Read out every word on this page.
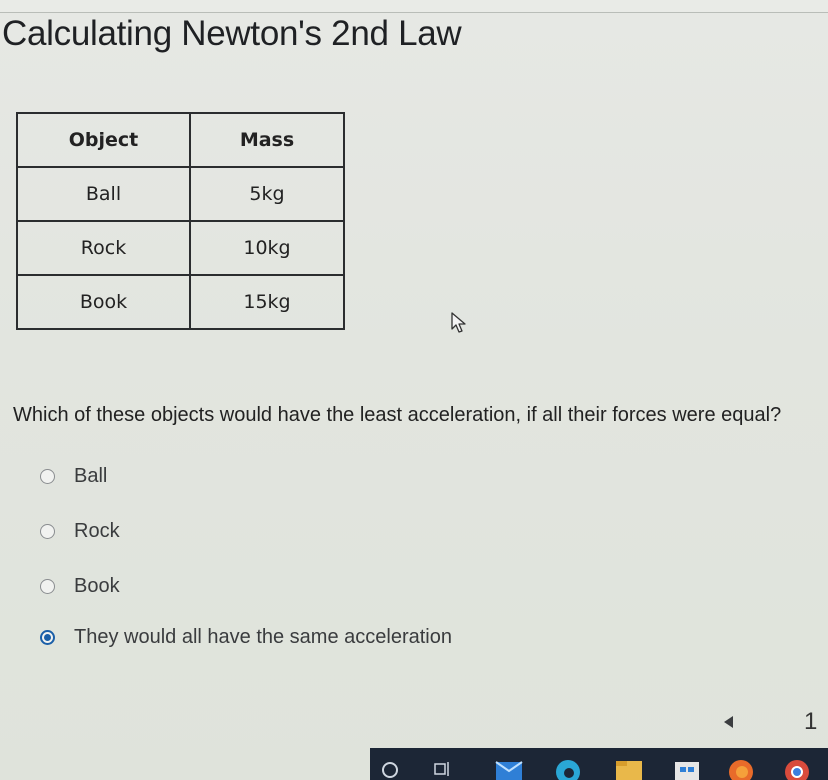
Calculating Newton's 2nd Law
Object	Mass
Ball	5kg
Rock	10kg
Book	15kg

Which of these objects would have the least acceleration, if all their forces were equal?

Ball
Rock
Book
They would all have the same acceleration
1
